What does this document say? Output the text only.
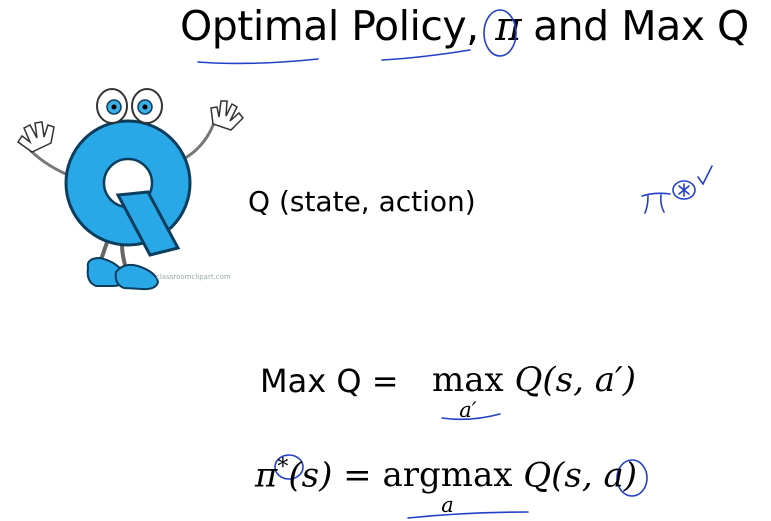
Optimal Policy, π and Max Q
classroomclipart.com
Q (state, action)
Max Q = max
a′
Q(s, a′)
π*(s) = argmax
a
Q(s, a)
